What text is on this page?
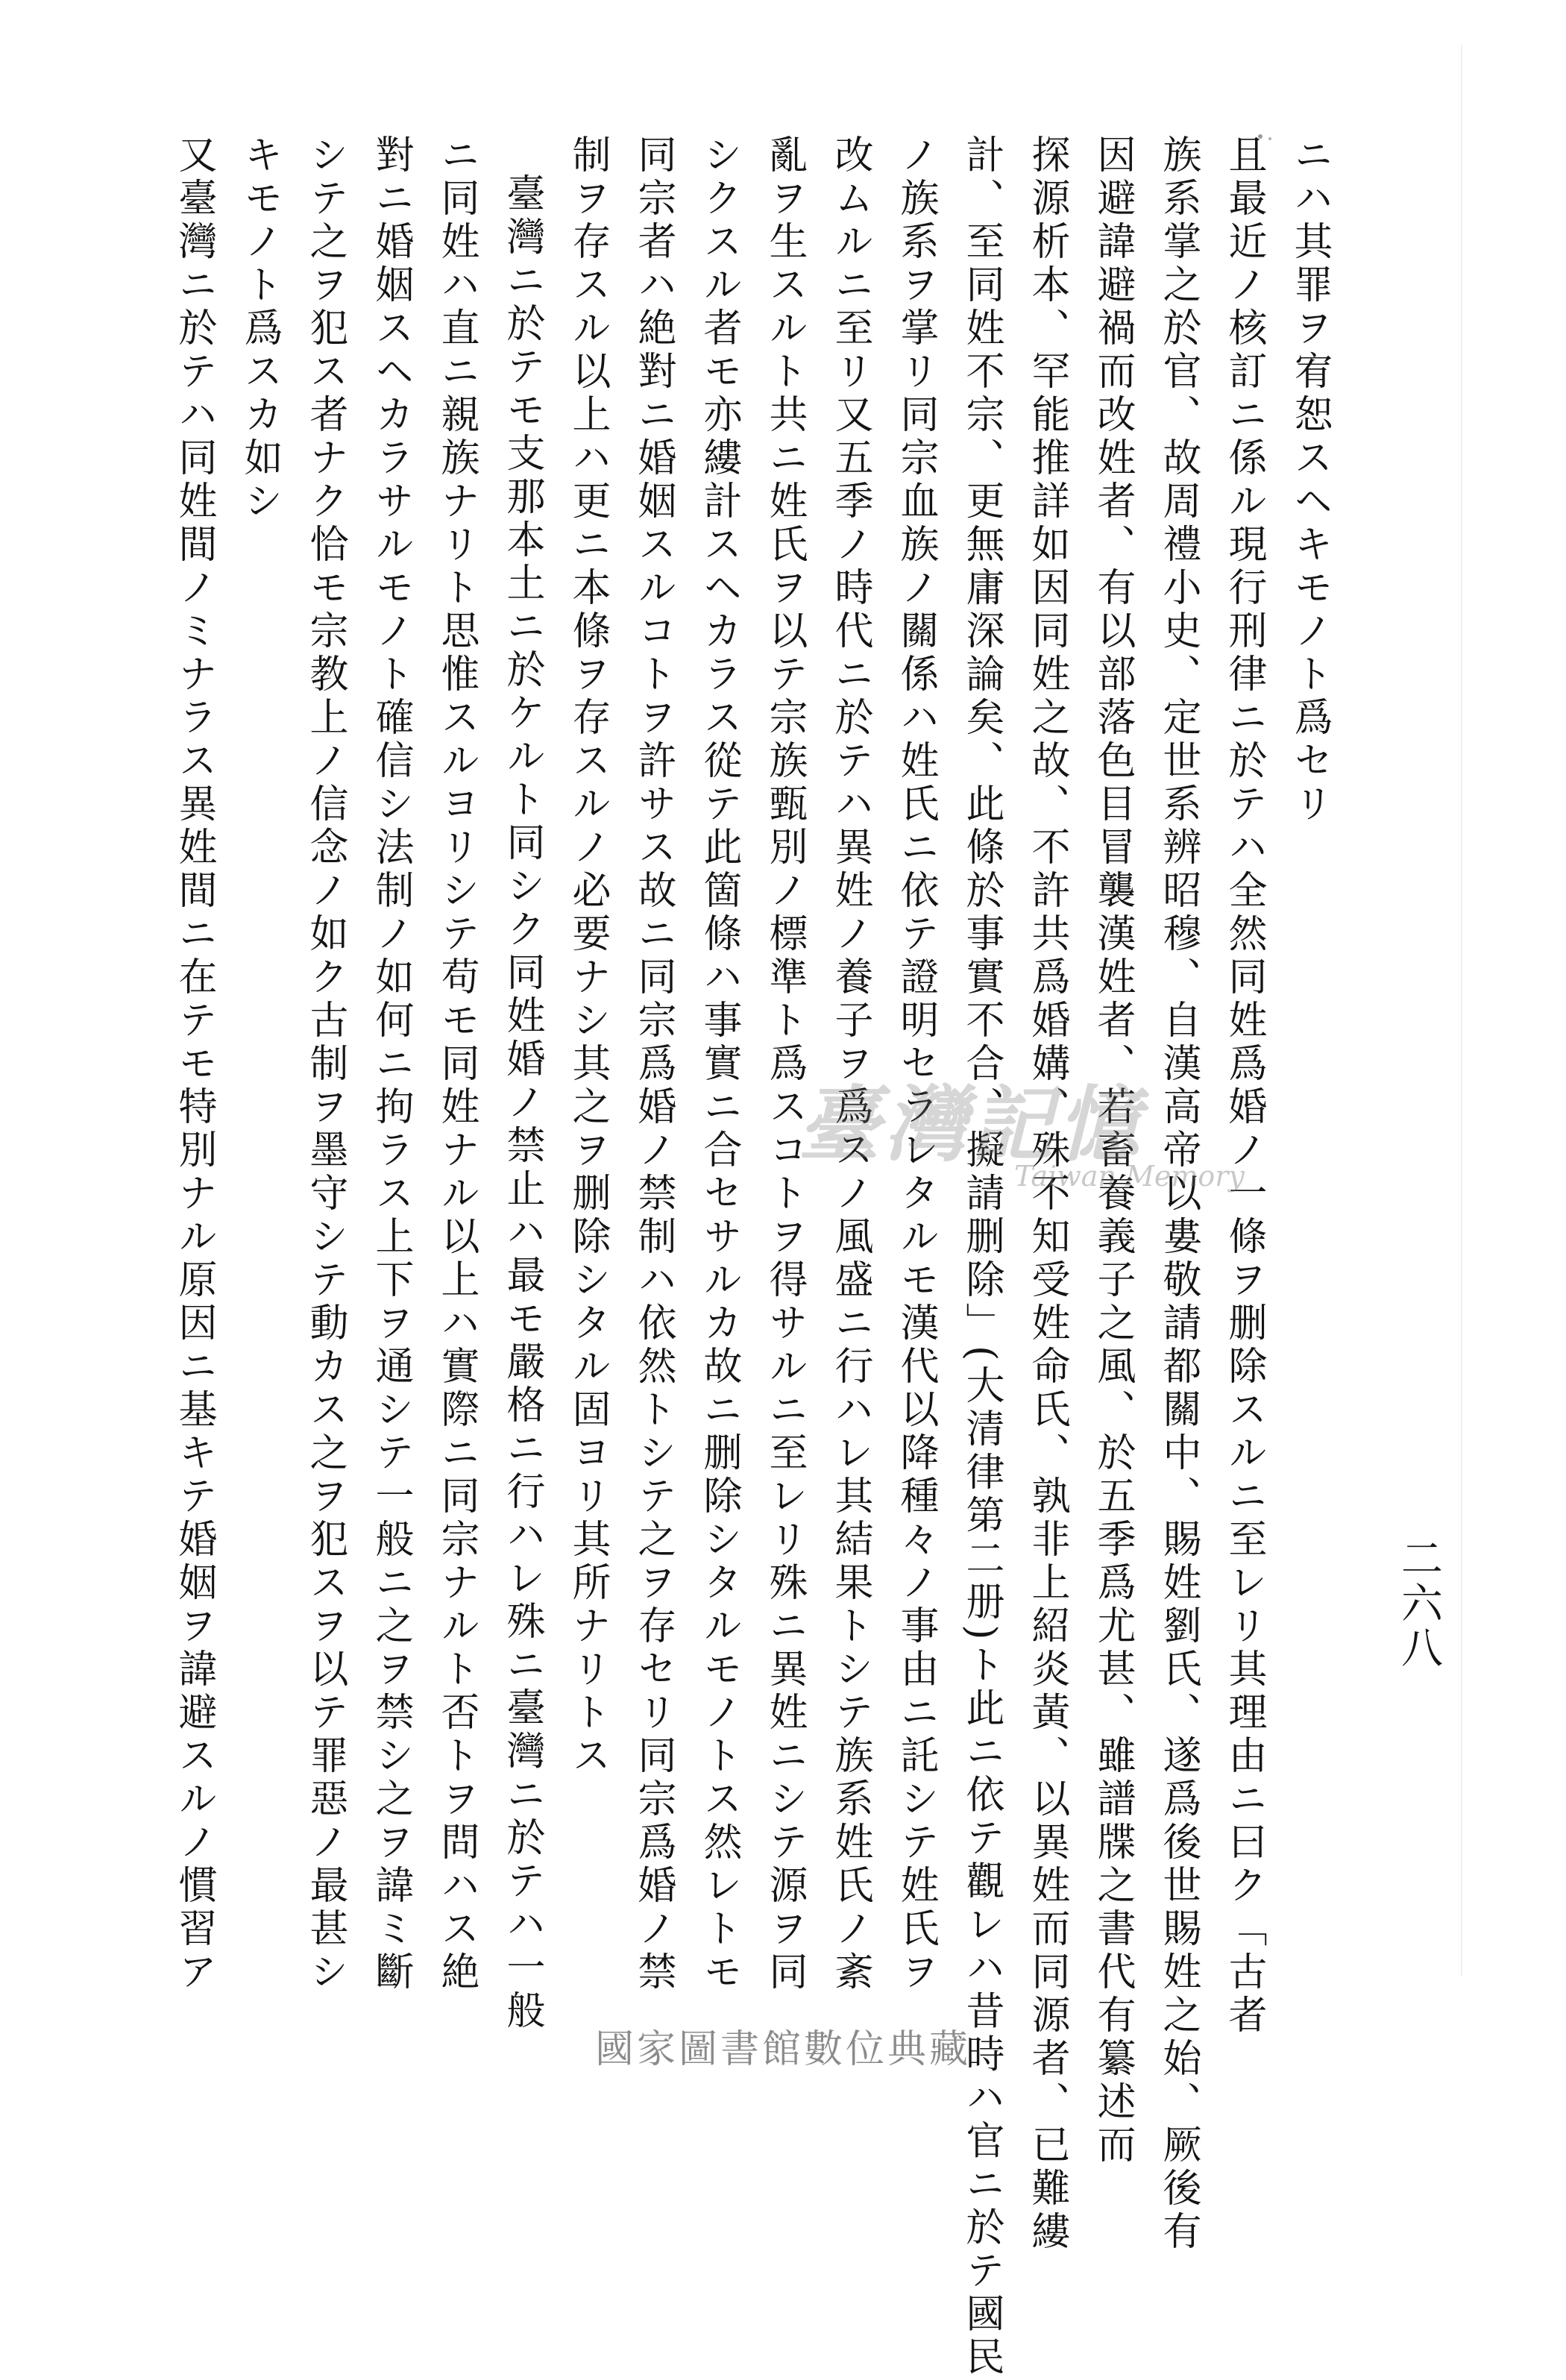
二六八

ニハ其罪ヲ宥恕スヘキモノト爲セリ

且最近ノ核訂ニ係ル現行刑律ニ於テハ全然同姓爲婚ノ一條ヲ删除スルニ至レリ其理由ニ曰ク「古者

族系掌之於官、故周禮小史、定世系辨昭穆、自漢高帝以婁敬請都關中、賜姓劉氏、遂爲後世賜姓之始、厥後有

因避諱避禍而改姓者、有以部落色目冒襲漢姓者、若畜養義子之風、於五季爲尤甚、雖譜牒之書代有纂述而

探源析本、罕能推詳如因同姓之故、不許共爲婚媾、殊不知受姓命氏、孰非上紹炎黃、以異姓而同源者、已難縷

計、至同姓不宗、更無庸深論矣、此條於事實不合、擬請删除」(大清律第二册)ト此ニ依テ觀レハ昔時ハ官ニ於テ國民

ノ族系ヲ掌リ同宗血族ノ關係ハ姓氏ニ依テ證明セラレタルモ漢代以降種々ノ事由ニ託シテ姓氏ヲ

改ムルニ至リ又五季ノ時代ニ於テハ異姓ノ養子ヲ爲スノ風盛ニ行ハレ其結果トシテ族系姓氏ノ紊

亂ヲ生スルト共ニ姓氏ヲ以テ宗族甄別ノ標準ト爲スコトヲ得サルニ至レリ殊ニ異姓ニシテ源ヲ同

シクスル者モ亦縷計スヘカラス從テ此箇條ハ事實ニ合セサルカ故ニ删除シタルモノトス然レトモ

同宗者ハ絶對ニ婚姻スルコトヲ許サス故ニ同宗爲婚ノ禁制ハ依然トシテ之ヲ存セリ同宗爲婚ノ禁

制ヲ存スル以上ハ更ニ本條ヲ存スルノ必要ナシ其之ヲ删除シタル固ヨリ其所ナリトス

臺灣ニ於テモ支那本土ニ於ケルト同シク同姓婚ノ禁止ハ最モ嚴格ニ行ハレ殊ニ臺灣ニ於テハ一般

ニ同姓ハ直ニ親族ナリト思惟スルヨリシテ苟モ同姓ナル以上ハ實際ニ同宗ナルト否トヲ問ハス絶

對ニ婚姻スヘカラサルモノト確信シ法制ノ如何ニ拘ラス上下ヲ通シテ一般ニ之ヲ禁シ之ヲ諱ミ斷

シテ之ヲ犯ス者ナク恰モ宗教上ノ信念ノ如ク古制ヲ墨守シテ動カス之ヲ犯スヲ以テ罪惡ノ最甚シ

キモノト爲スカ如シ

又臺灣ニ於テハ同姓間ノミナラス異姓間ニ在テモ特別ナル原因ニ基キテ婚姻ヲ諱避スルノ慣習ア	臺灣記憶
Taiwan Memory
國家圖書館數位典藏
